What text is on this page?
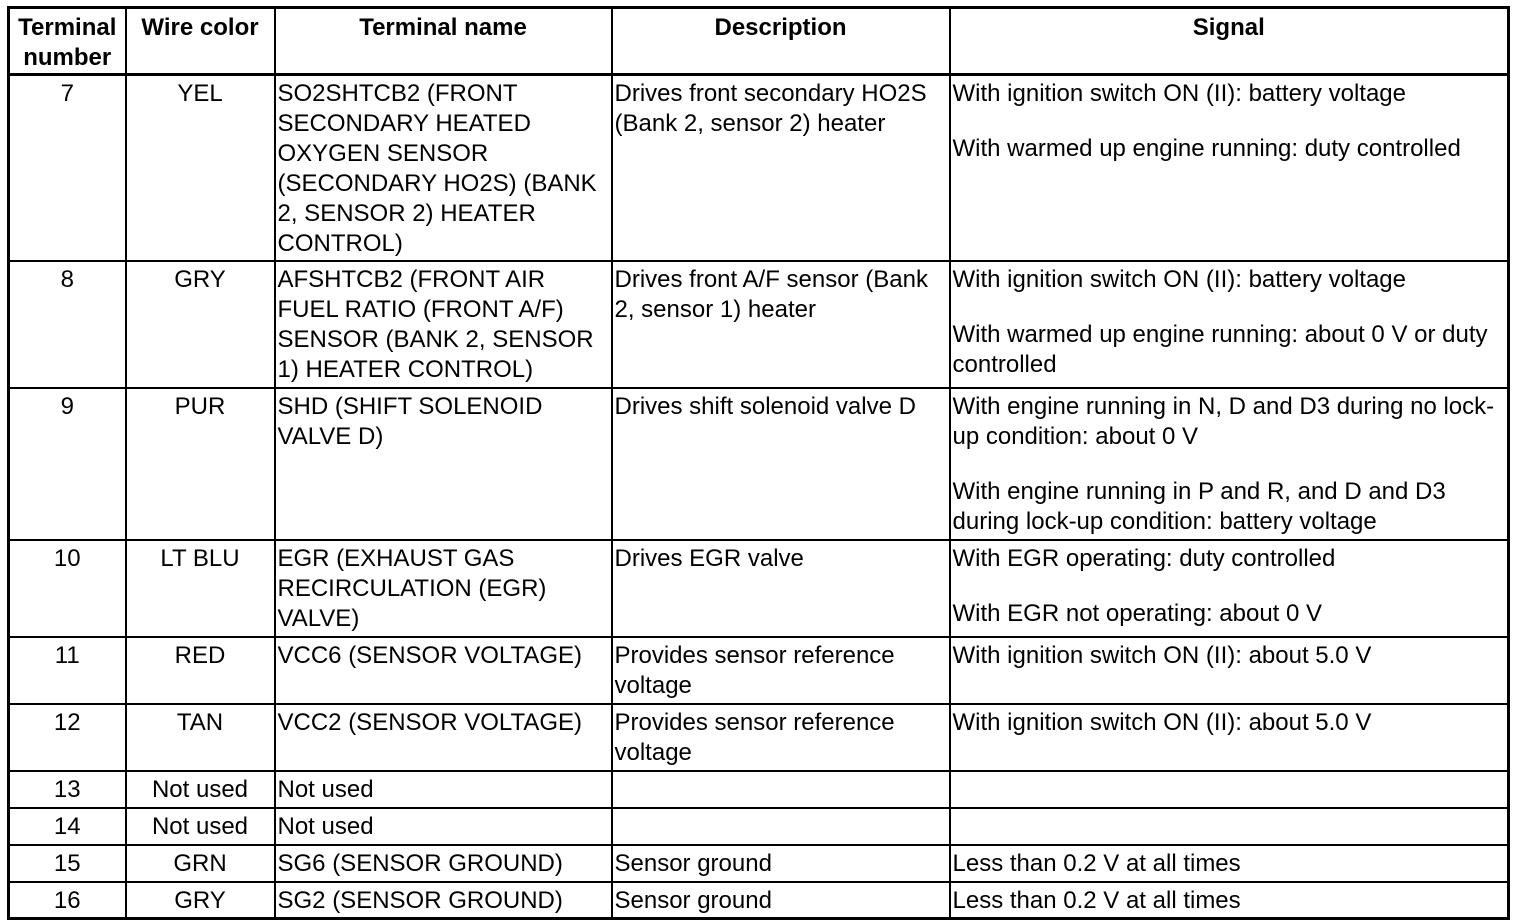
Terminal number	Wire color	Terminal name	Description	Signal
7	YEL	SO2SHTCB2 (FRONT SECONDARY HEATED OXYGEN SENSOR (SECONDARY HO2S) (BANK 2, SENSOR 2) HEATER CONTROL)	Drives front secondary HO2S (Bank 2, sensor 2) heater	With ignition switch ON (II): battery voltage

With warmed up engine running: duty controlled

8	GRY	AFSHTCB2 (FRONT AIR FUEL RATIO (FRONT A/F) SENSOR (BANK 2, SENSOR 1) HEATER CONTROL)	Drives front A/F sensor (Bank 2, sensor 1) heater	With ignition switch ON (II): battery voltage

With warmed up engine running: about 0 V or duty controlled

9	PUR	SHD (SHIFT SOLENOID VALVE D)	Drives shift solenoid valve D	With engine running in N, D and D3 during no lock-up condition: about 0 V

With engine running in P and R, and D and D3 during lock-up condition: battery voltage

10	LT BLU	EGR (EXHAUST GAS RECIRCULATION (EGR) VALVE)	Drives EGR valve	With EGR operating: duty controlled

With EGR not operating: about 0 V

11	RED	VCC6 (SENSOR VOLTAGE)	Provides sensor reference voltage	With ignition switch ON (II): about 5.0 V

12	TAN	VCC2 (SENSOR VOLTAGE)	Provides sensor reference voltage	With ignition switch ON (II): about 5.0 V

13	Not used	Not used		
14	Not used	Not used		
15	GRN	SG6 (SENSOR GROUND)	Sensor ground	Less than 0.2 V at all times

16	GRY	SG2 (SENSOR GROUND)	Sensor ground	Less than 0.2 V at all times
